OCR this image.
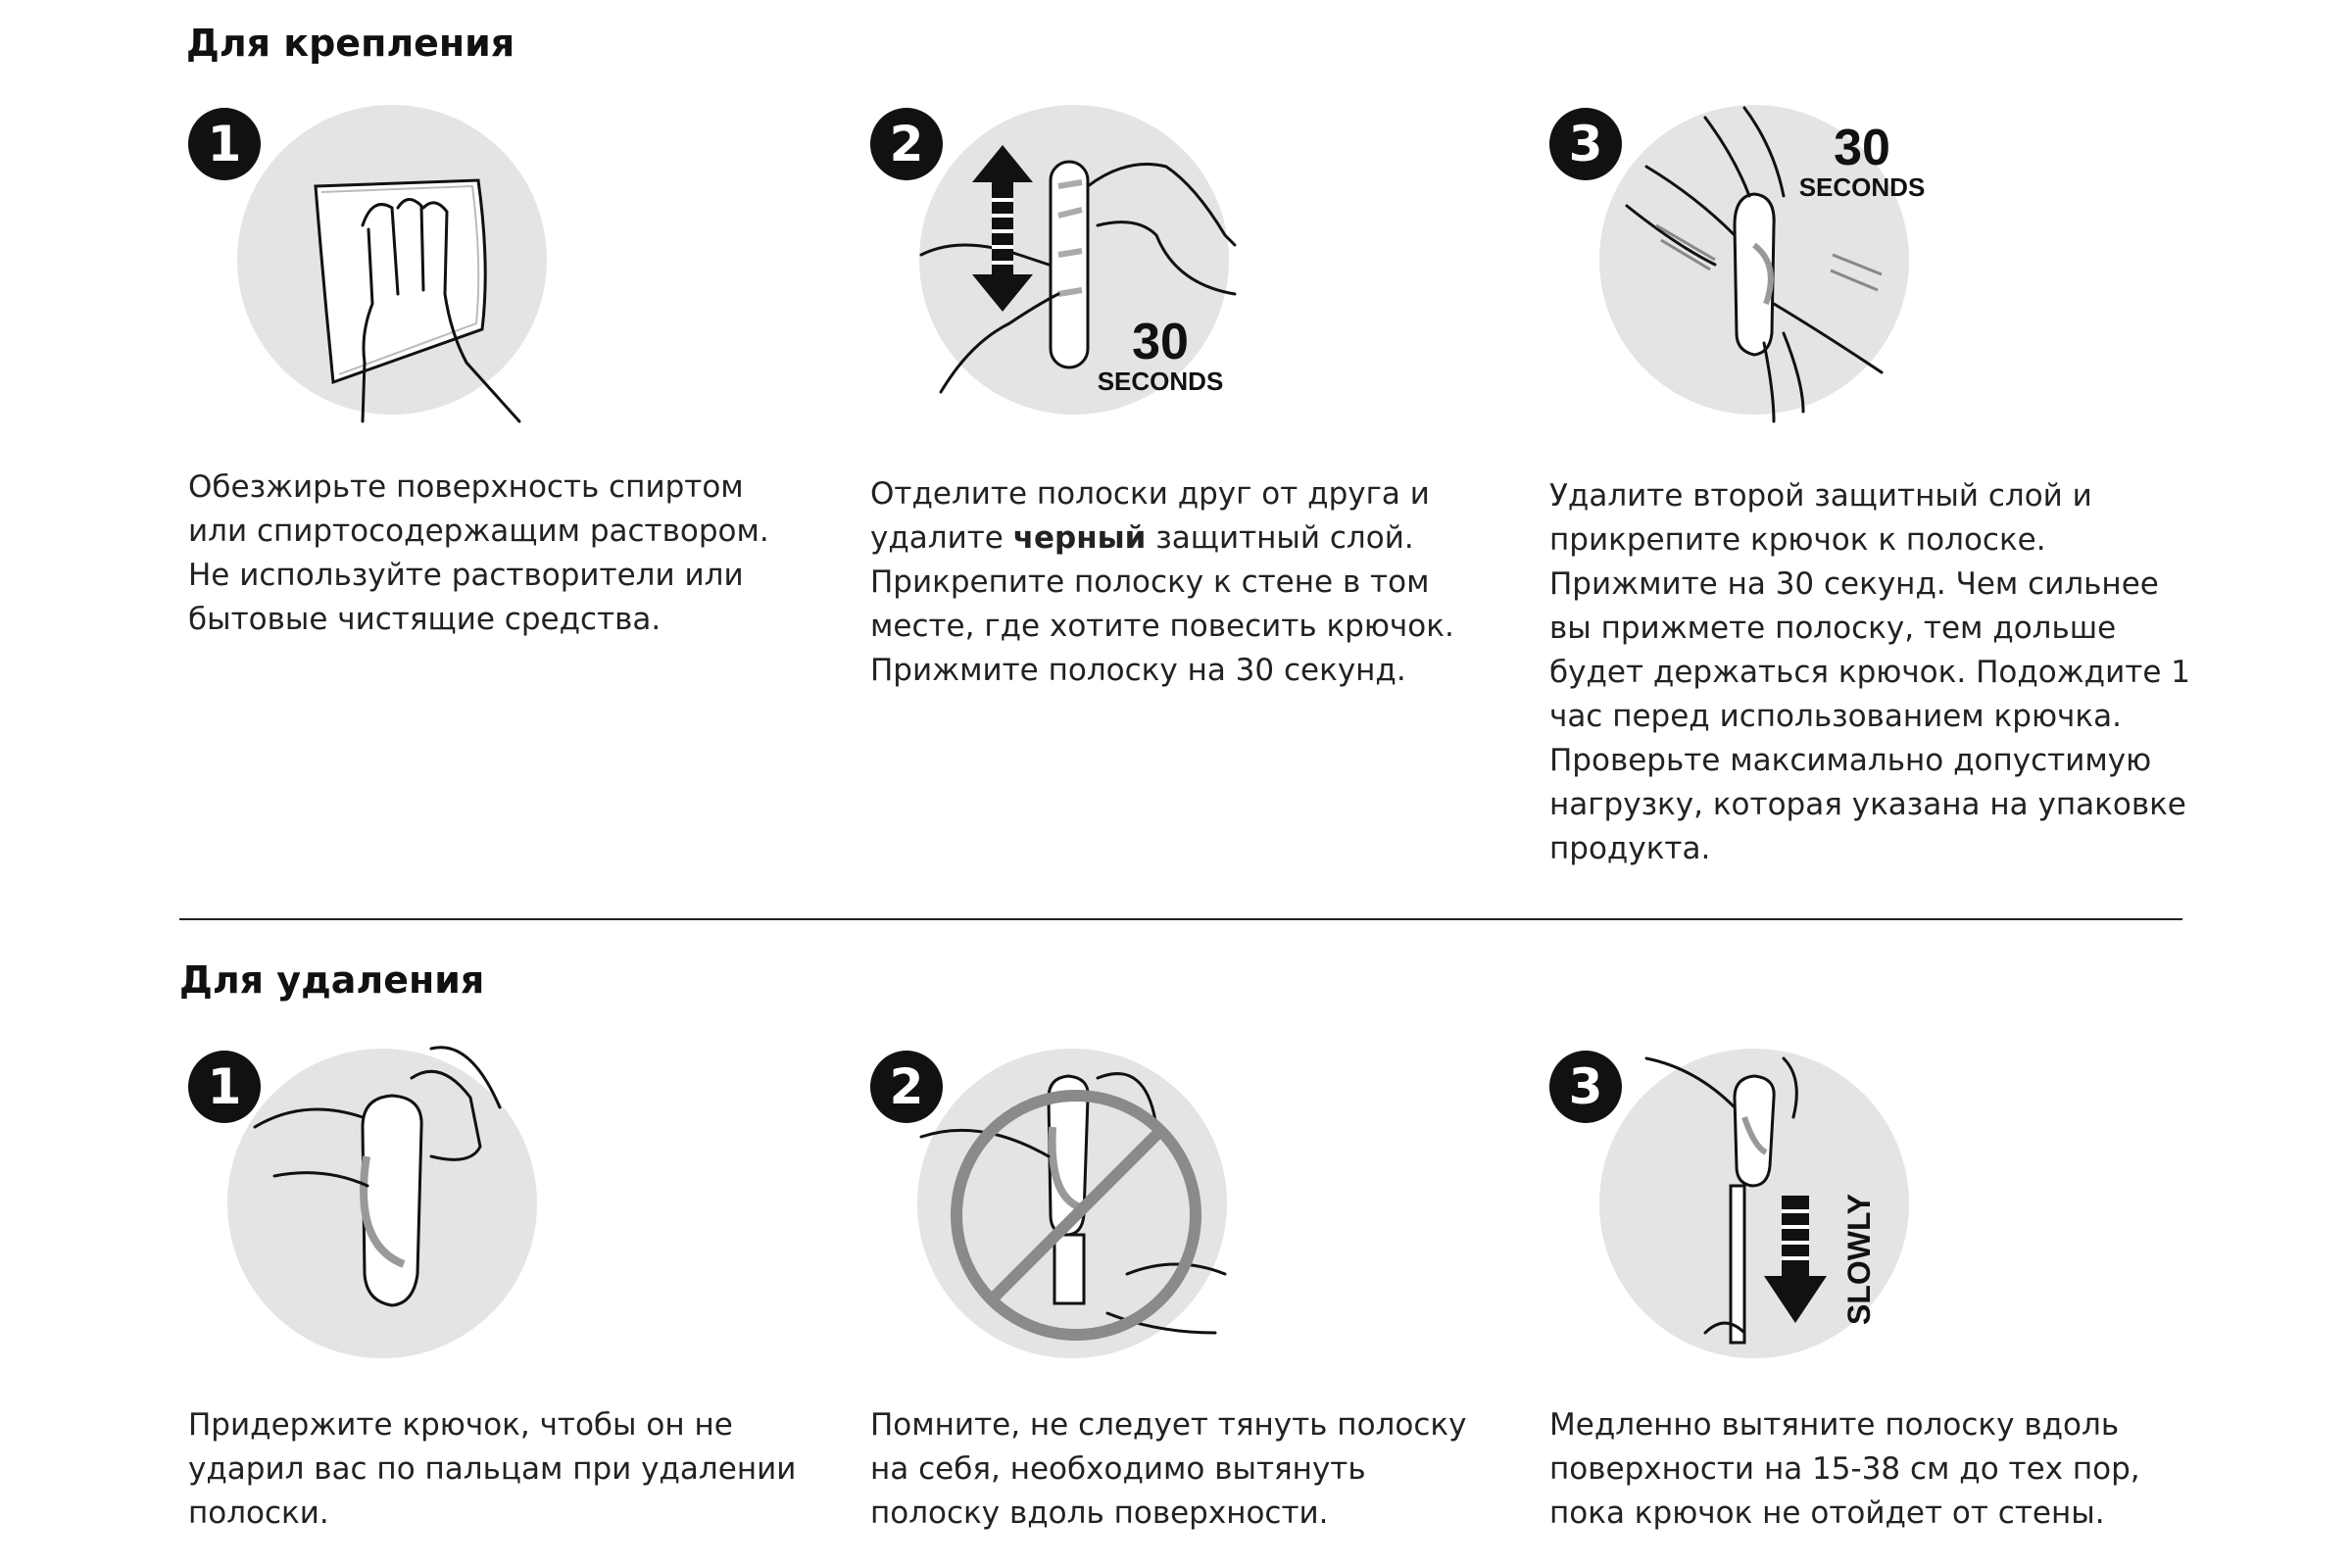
Для крепления
1
Обезжирьте поверхность спиртом
или спиртосодержащим раствором.
Не используйте растворители или
бытовые чистящие средства.
30
SECONDS
2
Отделите полоски друг от друга и
удалите черный защитный слой.
Прикрепите полоску к стене в том
месте, где хотите повесить крючок.
Прижмите полоску на 30 секунд.
30
SECONDS
3
Удалите второй защитный слой и
прикрепите крючок к полоске.
Прижмите на 30 секунд. Чем сильнее
вы прижмете полоску, тем дольше
будет держаться крючок. Подождите 1
час перед использованием крючка.
Проверьте максимально допустимую
нагрузку, которая указана на упаковке
продукта.
Для удаления
1
Придержите крючок, чтобы он не
ударил вас по пальцам при удалении
полоски.
2
Помните, не следует тянуть полоску
на себя, необходимо вытянуть
полоску вдоль поверхности.
SLOWLY
3
Медленно вытяните полоску вдоль
поверхности на 15-38 см до тех пор,
пока крючок не отойдет от стены.
